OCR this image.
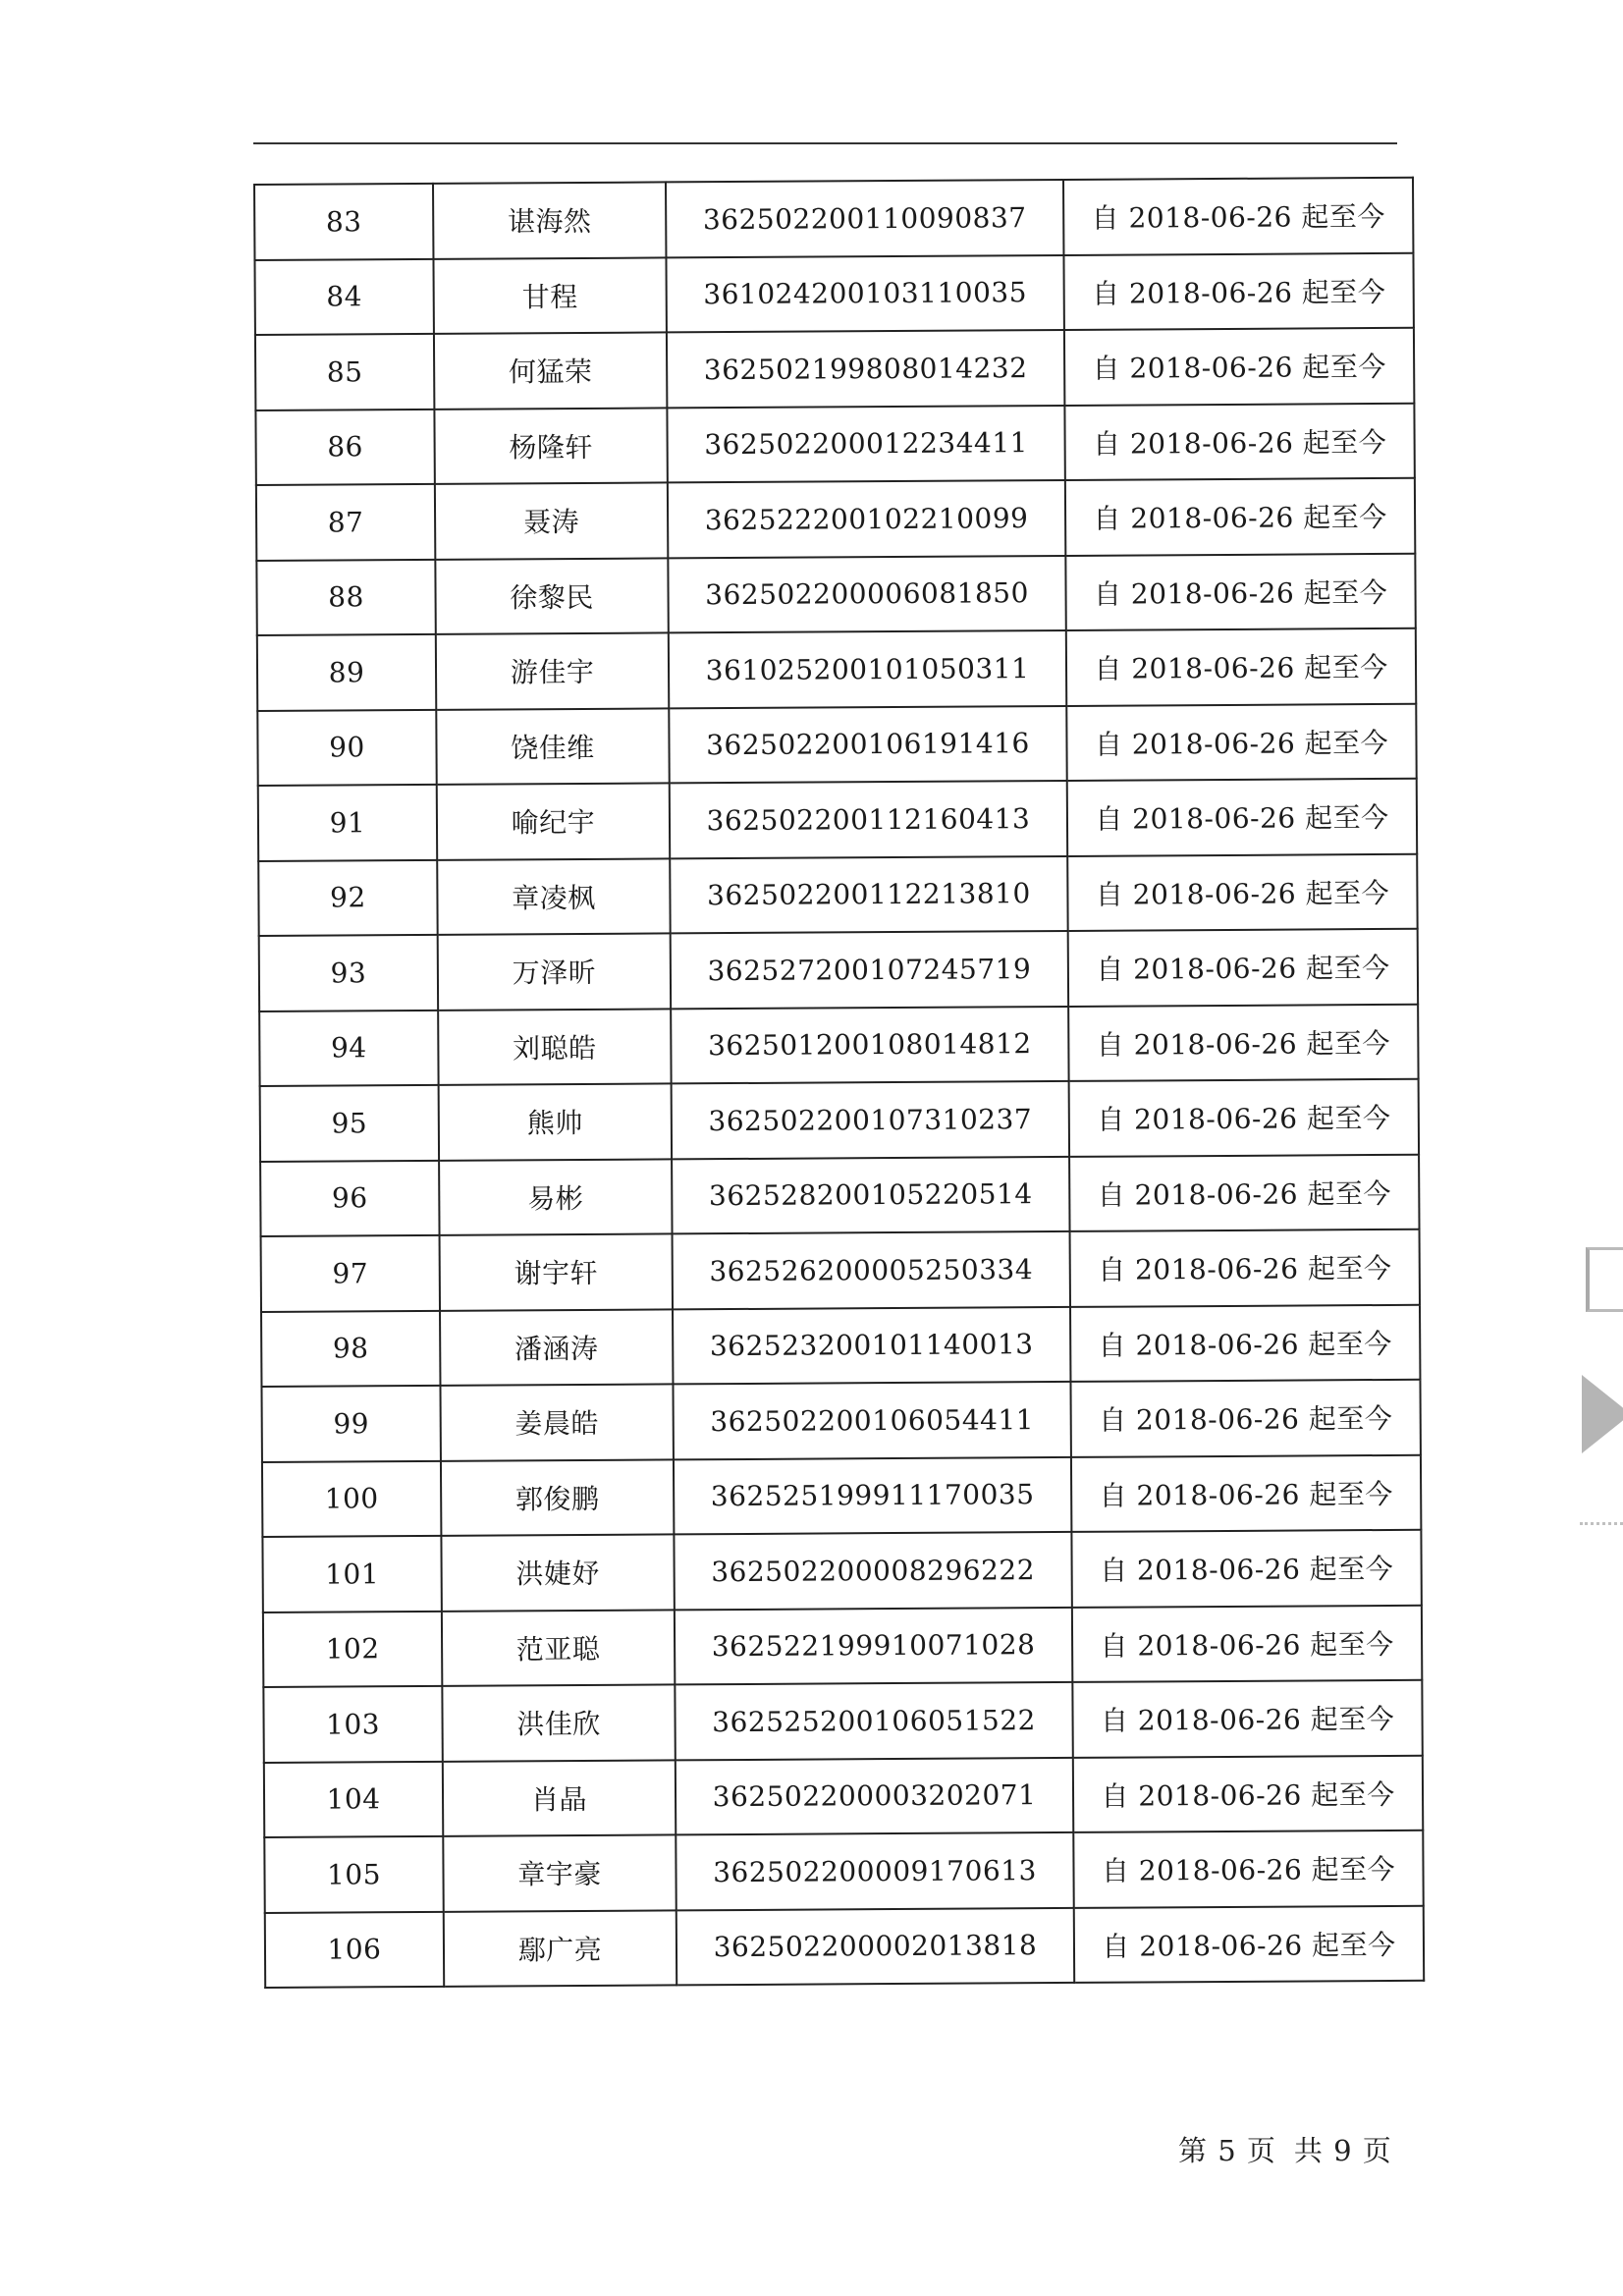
83	谌海然	362502200110090837	自 2018-06-26 起至今
84	甘程	361024200103110035	自 2018-06-26 起至今
85	何猛荣	362502199808014232	自 2018-06-26 起至今
86	杨隆轩	362502200012234411	自 2018-06-26 起至今
87	聂涛	362522200102210099	自 2018-06-26 起至今
88	徐黎民	362502200006081850	自 2018-06-26 起至今
89	游佳宇	361025200101050311	自 2018-06-26 起至今
90	饶佳维	362502200106191416	自 2018-06-26 起至今
91	喻纪宇	362502200112160413	自 2018-06-26 起至今
92	章凌枫	362502200112213810	自 2018-06-26 起至今
93	万泽昕	362527200107245719	自 2018-06-26 起至今
94	刘聪皓	362501200108014812	自 2018-06-26 起至今
95	熊帅	362502200107310237	自 2018-06-26 起至今
96	易彬	362528200105220514	自 2018-06-26 起至今
97	谢宇轩	362526200005250334	自 2018-06-26 起至今
98	潘涵涛	362523200101140013	自 2018-06-26 起至今
99	姜晨皓	362502200106054411	自 2018-06-26 起至今
100	郭俊鹏	362525199911170035	自 2018-06-26 起至今
101	洪婕妤	362502200008296222	自 2018-06-26 起至今
102	范亚聪	362522199910071028	自 2018-06-26 起至今
103	洪佳欣	362525200106051522	自 2018-06-26 起至今
104	肖晶	362502200003202071	自 2018-06-26 起至今
105	章宇豪	362502200009170613	自 2018-06-26 起至今
106	鄢广亮	362502200002013818	自 2018-06-26 起至今
第 5 页 共 9 页
